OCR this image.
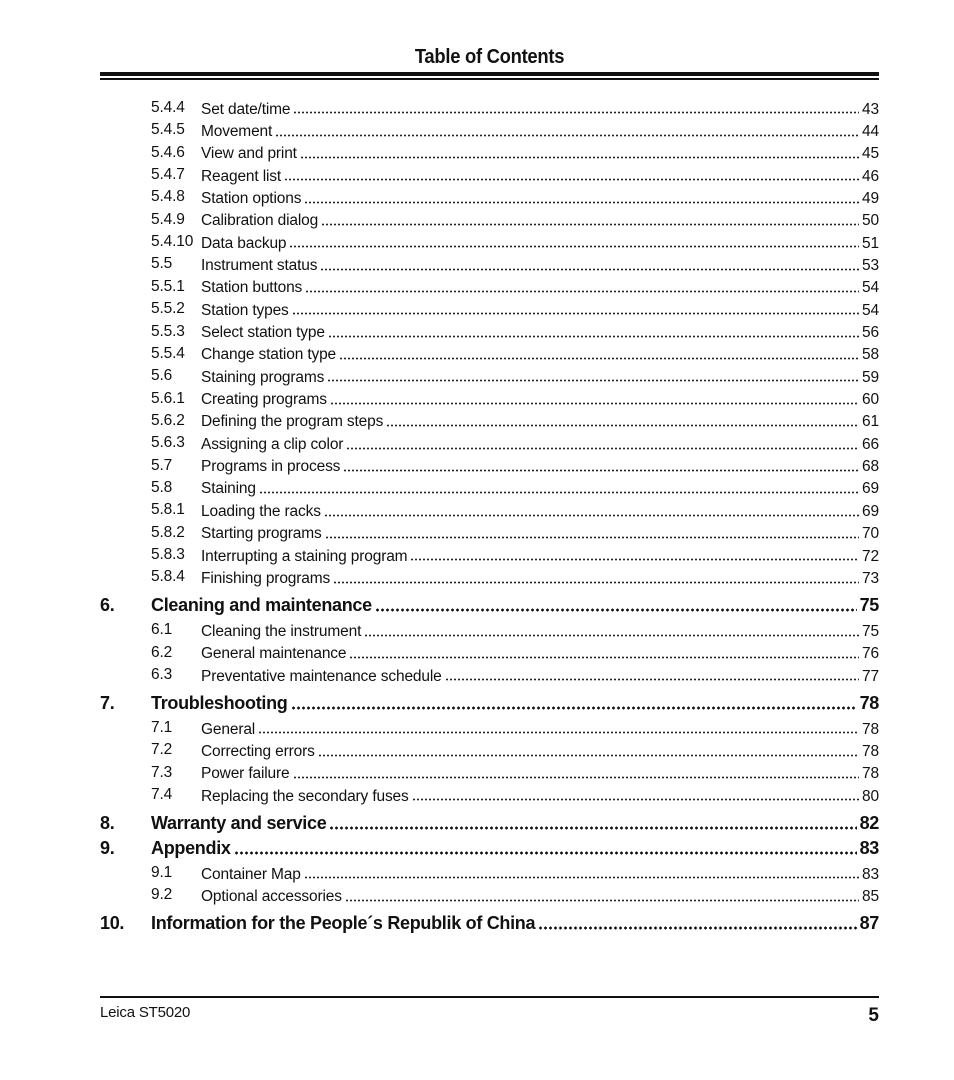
Table of Contents
5.4.4 Set date/time	43
5.4.5 Movement	44
5.4.6 View and print	45
5.4.7 Reagent list	46
5.4.8 Station options	49
5.4.9 Calibration dialog	50
5.4.10 Data backup	51
5.5 Instrument status	53
5.5.1 Station buttons	54
5.5.2 Station types	54
5.5.3 Select station type	56
5.5.4 Change station type	58
5.6 Staining programs	59
5.6.1 Creating programs	60
5.6.2 Defining the program steps	61
5.6.3 Assigning a clip color	66
5.7 Programs in process	68
5.8 Staining	69
5.8.1 Loading the racks	69
5.8.2 Starting programs	70
5.8.3 Interrupting a staining program	72
5.8.4 Finishing programs	73
6. Cleaning and maintenance	75
6.1 Cleaning the instrument	75
6.2 General maintenance	76
6.3 Preventative maintenance schedule	77
7. Troubleshooting	78
7.1 General	78
7.2 Correcting errors	78
7.3 Power failure	78
7.4 Replacing the secondary fuses	80
8. Warranty and service	82
9. Appendix	83
9.1 Container Map	83
9.2 Optional accessories	85
10. Information for the People´s Republik of China	87
Leica ST5020	5
